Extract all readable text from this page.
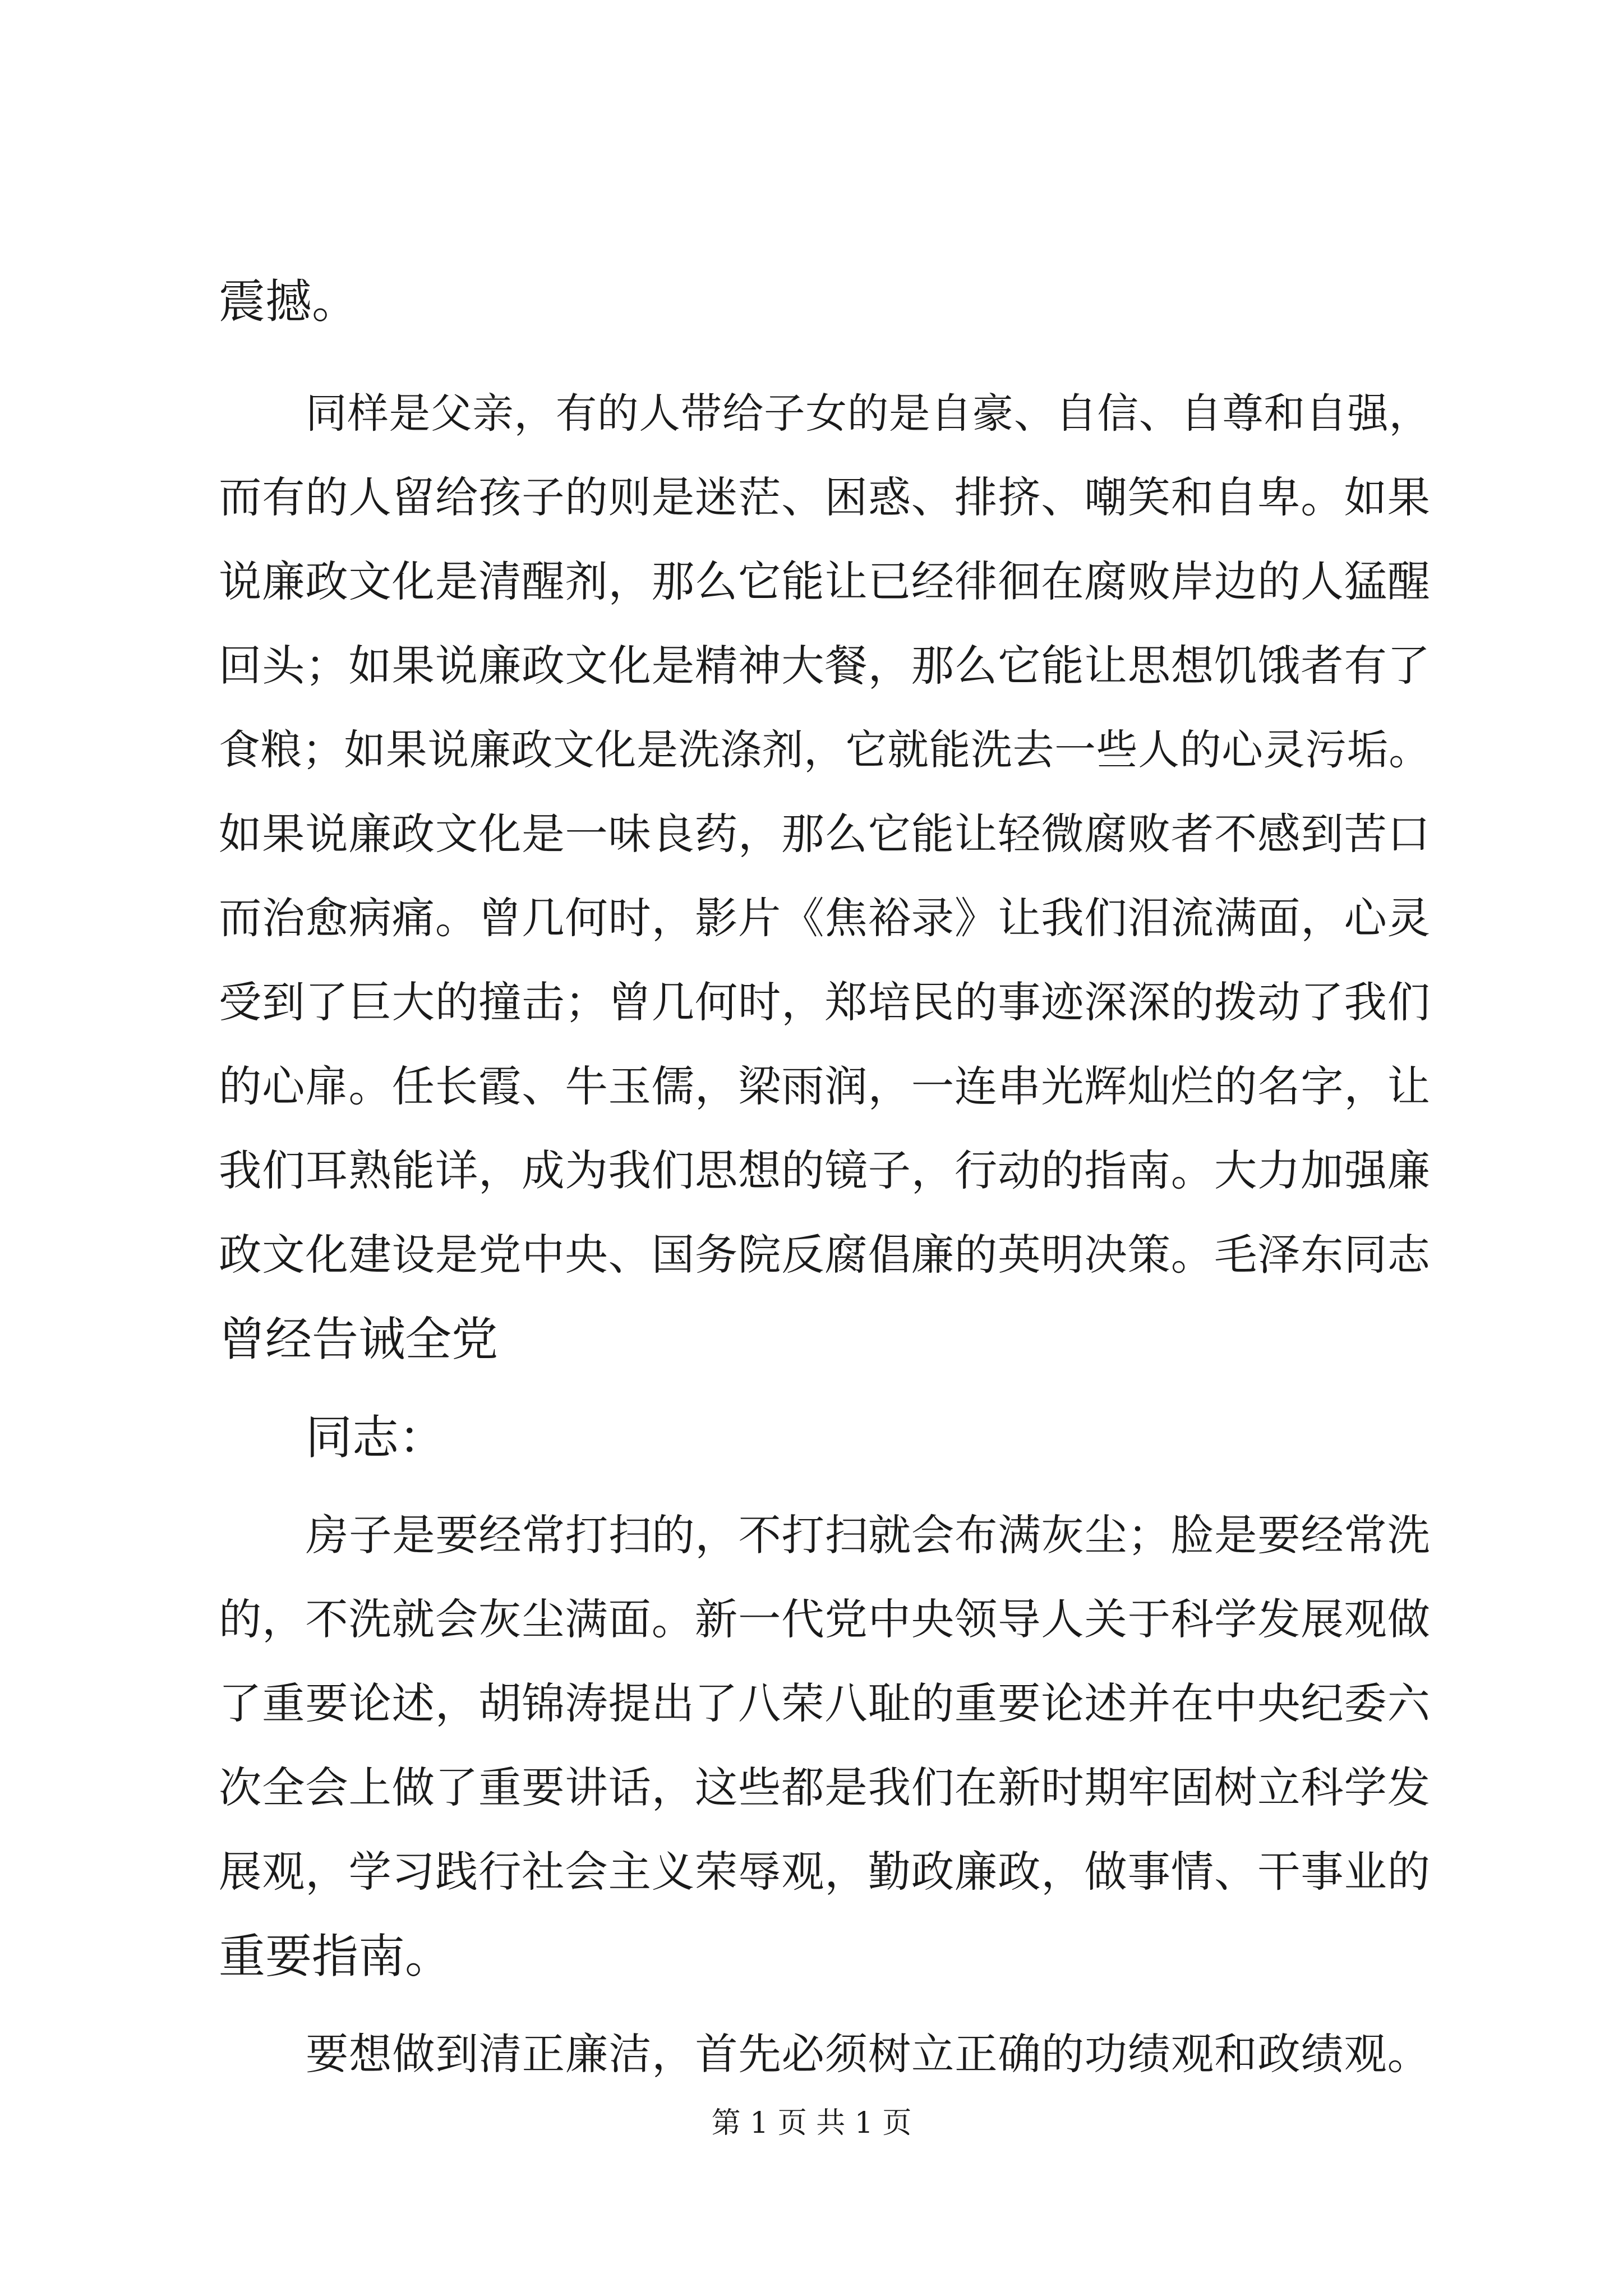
震撼。
同样是父亲，有的人带给子女的是自豪、自信、自尊和自强，
而有的人留给孩子的则是迷茫、困惑、排挤、嘲笑和自卑。如果
说廉政文化是清醒剂，那么它能让已经徘徊在腐败岸边的人猛醒
回头；如果说廉政文化是精神大餐，那么它能让思想饥饿者有了
食粮；如果说廉政文化是洗涤剂，它就能洗去一些人的心灵污垢。
如果说廉政文化是一味良药，那么它能让轻微腐败者不感到苦口
而治愈病痛。曾几何时，影片《焦裕录》让我们泪流满面，心灵
受到了巨大的撞击；曾几何时，郑培民的事迹深深的拨动了我们
的心扉。任长霞、牛玉儒，梁雨润，一连串光辉灿烂的名字，让
我们耳熟能详，成为我们思想的镜子，行动的指南。大力加强廉
政文化建设是党中央、国务院反腐倡廉的英明决策。毛泽东同志
曾经告诫全党
同志：
房子是要经常打扫的，不打扫就会布满灰尘；脸是要经常洗
的，不洗就会灰尘满面。新一代党中央领导人关于科学发展观做
了重要论述，胡锦涛提出了八荣八耻的重要论述并在中央纪委六
次全会上做了重要讲话，这些都是我们在新时期牢固树立科学发
展观，学习践行社会主义荣辱观，勤政廉政，做事情、干事业的
重要指南。
要想做到清正廉洁，首先必须树立正确的功绩观和政绩观。
第 1 页 共 1 页
